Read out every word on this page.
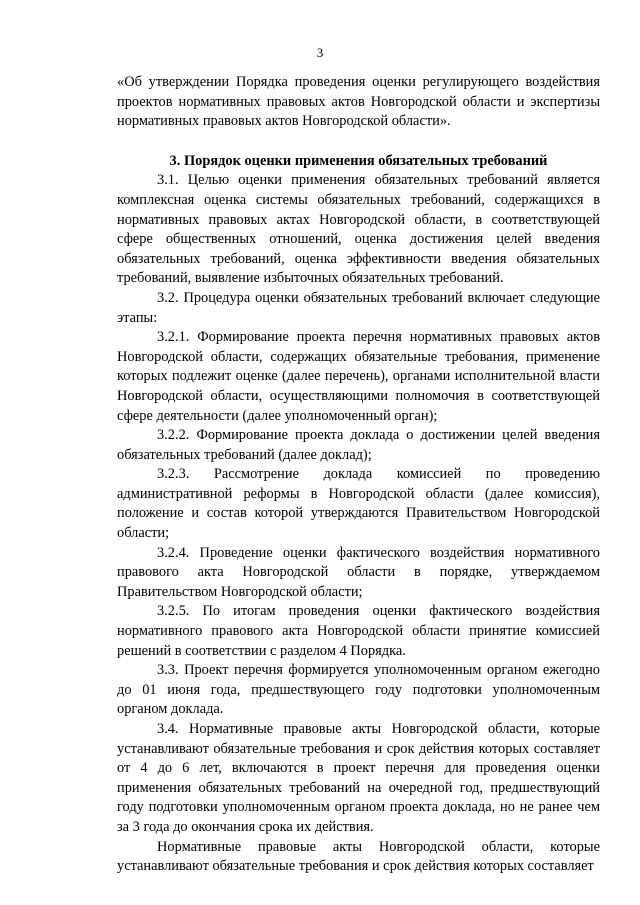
3

«Об утверждении Порядка проведения оценки регулирующего воздействия проектов нормативных правовых актов Новгородской области и экспертизы нормативных правовых актов Новгородской области».

3. Порядок оценки применения обязательных требований

3.1. Целью оценки применения обязательных требований является комплексная оценка системы обязательных требований, содержащихся в нормативных правовых актах Новгородской области, в соответствующей сфере общественных отношений, оценка достижения целей введения обязательных требований, оценка эффективности введения обязательных требований, выявление избыточных обязательных требований.

3.2. Процедура оценки обязательных требований включает следующие этапы:

3.2.1. Формирование проекта перечня нормативных правовых актов Новгородской области, содержащих обязательные требования, применение которых подлежит оценке (далее перечень), органами исполнительной власти Новгородской области, осуществляющими полномочия в соответствующей сфере деятельности (далее уполномоченный орган);

3.2.2. Формирование проекта доклада о достижении целей введения обязательных требований (далее доклад);

3.2.3. Рассмотрение доклада комиссией по проведению административной реформы в Новгородской области (далее комиссия), положение и состав которой утверждаются Правительством Новгородской области;

3.2.4. Проведение оценки фактического воздействия нормативного правового акта Новгородской области в порядке, утверждаемом Правительством Новгородской области;

3.2.5. По итогам проведения оценки фактического воздействия нормативного правового акта Новгородской области принятие комиссией решений в соответствии с разделом 4 Порядка.

3.3. Проект перечня формируется уполномоченным органом ежегодно до 01 июня года, предшествующего году подготовки уполномоченным органом доклада.

3.4. Нормативные правовые акты Новгородской области, которые устанавливают обязательные требования и срок действия которых составляет от 4 до 6 лет, включаются в проект перечня для проведения оценки применения обязательных требований на очередной год, предшествующий году подготовки уполномоченным органом проекта доклада, но не ранее чем за 3 года до окончания срока их действия.

Нормативные правовые акты Новгородской области, которые устанавливают обязательные требования и срок действия которых составляет
